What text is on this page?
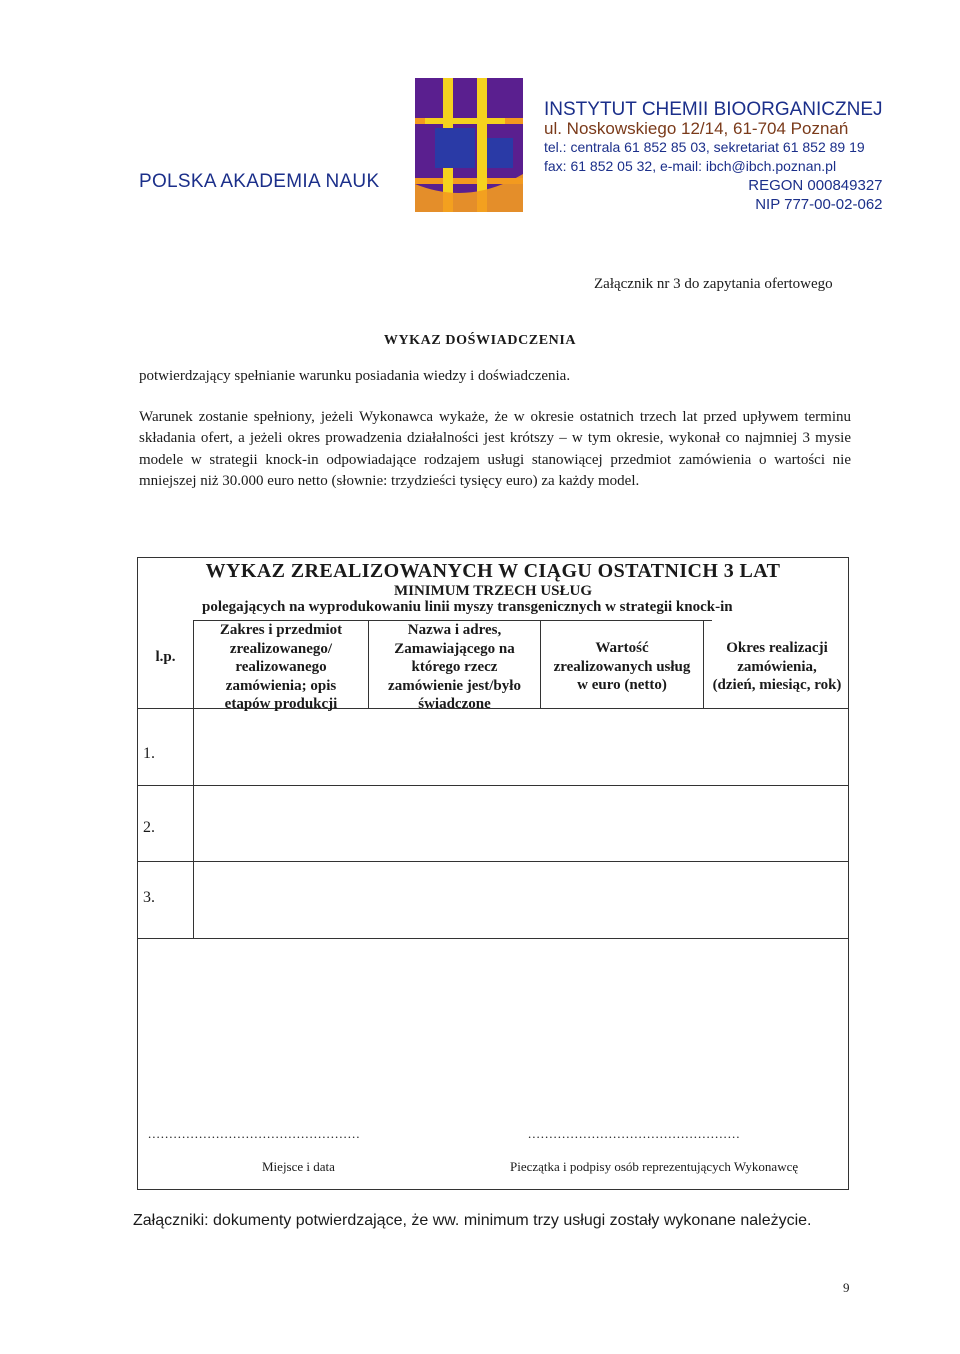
POLSKA AKADEMIA NAUK
INSTYTUT CHEMII BIOORGANICZNEJ
ul. Noskowskiego 12/14, 61-704 Poznań
tel.: centrala 61 852 85 03, sekretariat 61 852 89 19
fax: 61 852 05 32, e-mail: ibch@ibch.poznan.pl
REGON 000849327
NIP 777-00-02-062
Załącznik nr 3 do zapytania ofertowego
WYKAZ DOŚWIADCZENIA
potwierdzający spełnianie warunku posiadania wiedzy i doświadczenia.
Warunek zostanie spełniony, jeżeli Wykonawca wykaże, że w okresie ostatnich trzech lat przed upływem terminu składania ofert, a jeżeli okres prowadzenia działalności jest krótszy – w tym okresie, wykonał co najmniej 3 mysie modele w strategii knock-in odpowiadające rodzajem usługi stanowiącej przedmiot zamówienia o wartości nie mniejszej niż 30.000 euro netto (słownie: trzydzieści tysięcy euro) za każdy model.
WYKAZ ZREALIZOWANYCH W CIĄGU OSTATNICH 3 LAT
MINIMUM TRZECH USŁUG
polegających na wyprodukowaniu linii myszy transgenicznych w strategii knock-in
l.p.
Zakres i przedmiot
zrealizowanego/
realizowanego
zamówienia; opis
etapów produkcji
Nazwa i adres,
Zamawiającego na
którego rzecz
zamówienie jest/było
świadczone
Wartość
zrealizowanych usług
w euro (netto)
Okres realizacji
zamówienia,
(dzień, miesiąc, rok)
1.
2.
3.
..................................................
Miejsce i data
..................................................
Pieczątka i podpisy osób reprezentujących Wykonawcę
Załączniki: dokumenty potwierdzające, że ww. minimum trzy usługi zostały wykonane należycie.
9
